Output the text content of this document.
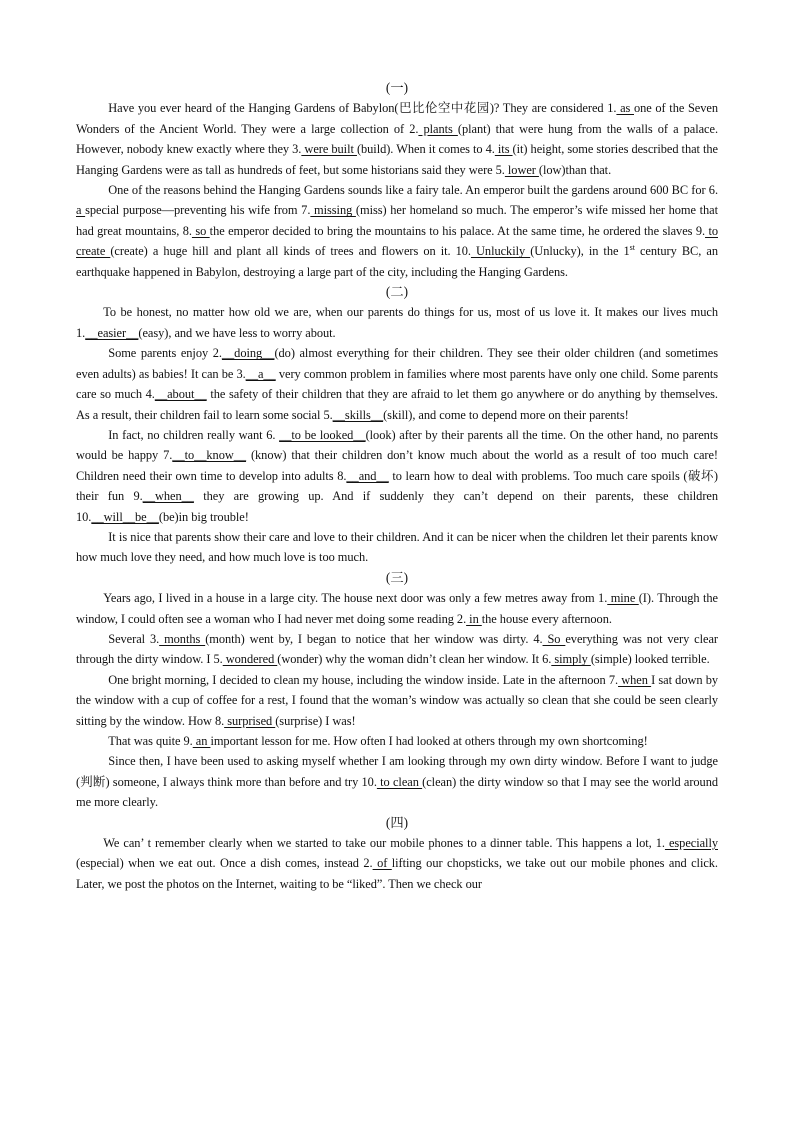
(一)

Have you ever heard of the Hanging Gardens of Babylon(巴比伦空中花园)? They are considered 1. as one of the Seven Wonders of the Ancient World. They were a large collection of 2. plants (plant) that were hung from the walls of a palace. However, nobody knew exactly where they 3. were built (build). When it comes to 4. its (it) height, some stories described that the Hanging Gardens were as tall as hundreds of feet, but some historians said they were 5. lower (low)than that.

One of the reasons behind the Hanging Gardens sounds like a fairy tale. An emperor built the gardens around 600 BC for 6. a special purpose—preventing his wife from 7. missing (miss) her homeland so much. The emperor’s wife missed her home that had great mountains, 8. so the emperor decided to bring the mountains to his palace. At the same time, he ordered the slaves 9. to create (create) a huge hill and plant all kinds of trees and flowers on it. 10. Unluckily (Unlucky), in the 1st century BC, an earthquake happened in Babylon, destroying a large part of the city, including the Hanging Gardens.

(二)

To be honest, no matter how old we are, when our parents do things for us, most of us love it. It makes our lives much 1.__easier__(easy), and we have less to worry about.

Some parents enjoy 2.__doing__(do) almost everything for their children. They see their older children (and sometimes even adults) as babies! It can be 3.__a__ very common problem in families where most parents have only one child. Some parents care so much 4.__about__ the safety of their children that they are afraid to let them go anywhere or do anything by themselves. As a result, their children fail to learn some social 5.__skills__(skill), and come to depend more on their parents!

In fact, no children really want 6. __to be looked__(look) after by their parents all the time. On the other hand, no parents would be happy 7.__to__know__ (know) that their children don’t know much about the world as a result of too much care! Children need their own time to develop into adults 8.__and__ to learn how to deal with problems. Too much care spoils (破坏) their fun 9.__when__ they are growing up. And if suddenly they can’t depend on their parents, these children 10.__will__be__(be)in big trouble!

It is nice that parents show their care and love to their children. And it can be nicer when the children let their parents know how much love they need, and how much love is too much.

(三)

Years ago, I lived in a house in a large city. The house next door was only a few metres away from 1. mine (I). Through the window, I could often see a woman who I had never met doing some reading 2. in the house every afternoon.

Several 3. months (month) went by, I began to notice that her window was dirty. 4. So everything was not very clear through the dirty window. I 5. wondered (wonder) why the woman didn’t clean her window. It 6. simply (simple) looked terrible.

One bright morning, I decided to clean my house, including the window inside. Late in the afternoon 7. when I sat down by the window with a cup of coffee for a rest, I found that the woman’s window was actually so clean that she could be seen clearly sitting by the window. How 8. surprised (surprise) I was!

That was quite 9. an important lesson for me. How often I had looked at others through my own shortcoming!

Since then, I have been used to asking myself whether I am looking through my own dirty window. Before I want to judge (判断) someone, I always think more than before and try 10. to clean (clean) the dirty window so that I may see the world around me more clearly.

(四)

We can’ t remember clearly when we started to take our mobile phones to a dinner table. This happens a lot, 1. especially (especial) when we eat out. Once a dish comes, instead 2. of lifting our chopsticks, we take out our mobile phones and click. Later, we post the photos on the Internet, waiting to be “liked”. Then we check our
